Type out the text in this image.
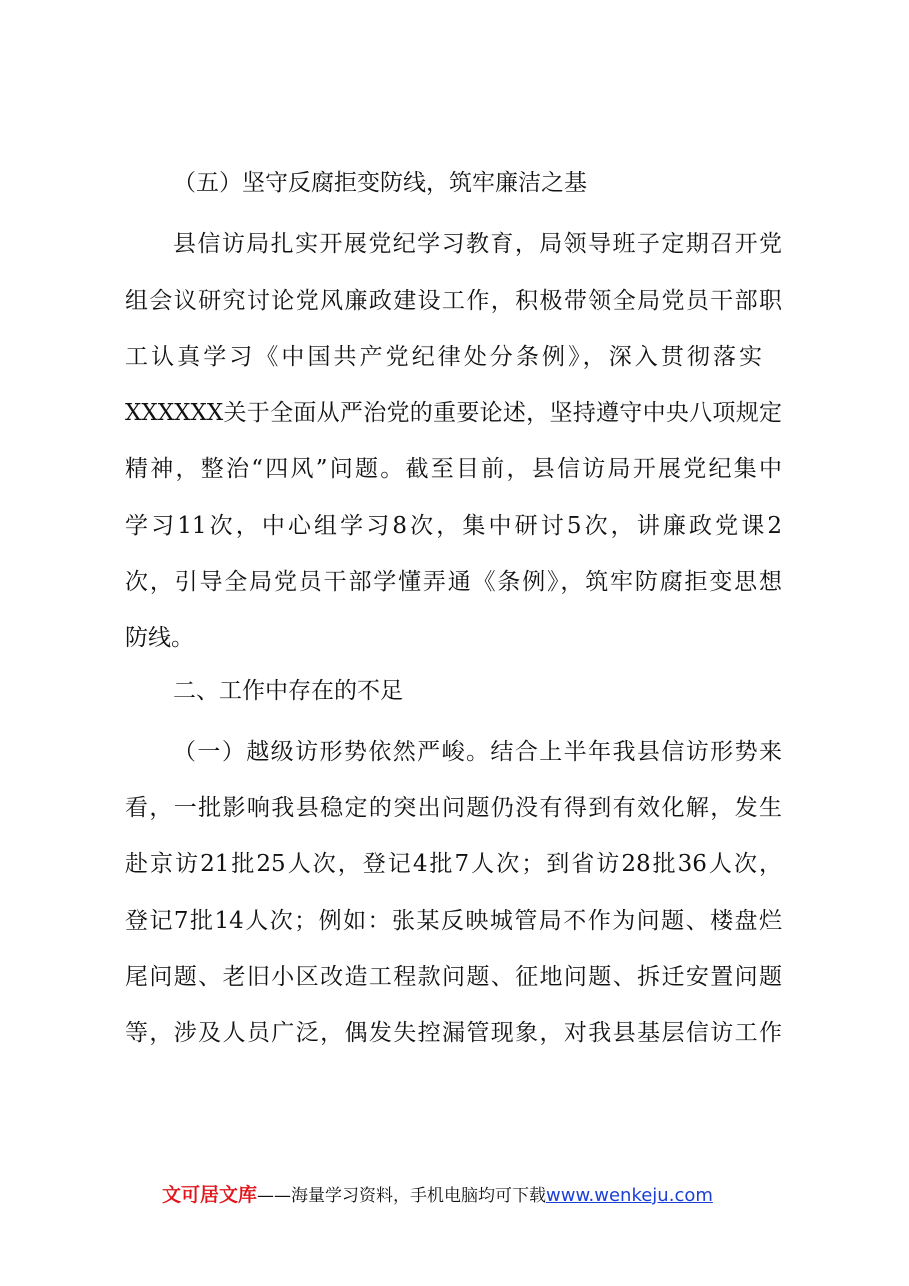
（五）坚守反腐拒变防线，筑牢廉洁之基
县信访局扎实开展党纪学习教育，局领导班子定期召开党
组会议研究讨论党风廉政建设工作，积极带领全局党员干部职
工认真学习《中国共产党纪律处分条例》，深入贯彻落实
XXXXXX关于全面从严治党的重要论述，坚持遵守中央八项规定
精神，整治“四风”问题。截至目前，县信访局开展党纪集中
学习11次，中心组学习8次，集中研讨5次，讲廉政党课2
次，引导全局党员干部学懂弄通《条例》，筑牢防腐拒变思想
防线。
二、工作中存在的不足
（一）越级访形势依然严峻。结合上半年我县信访形势来
看，一批影响我县稳定的突出问题仍没有得到有效化解，发生
赴京访21批25人次，登记4批7人次；到省访28批36人次，
登记7批14人次；例如：张某反映城管局不作为问题、楼盘烂
尾问题、老旧小区改造工程款问题、征地问题、拆迁安置问题
等，涉及人员广泛，偶发失控漏管现象，对我县基层信访工作
文可居文库——海量学习资料，手机电脑均可下载www.wenkeju.com
